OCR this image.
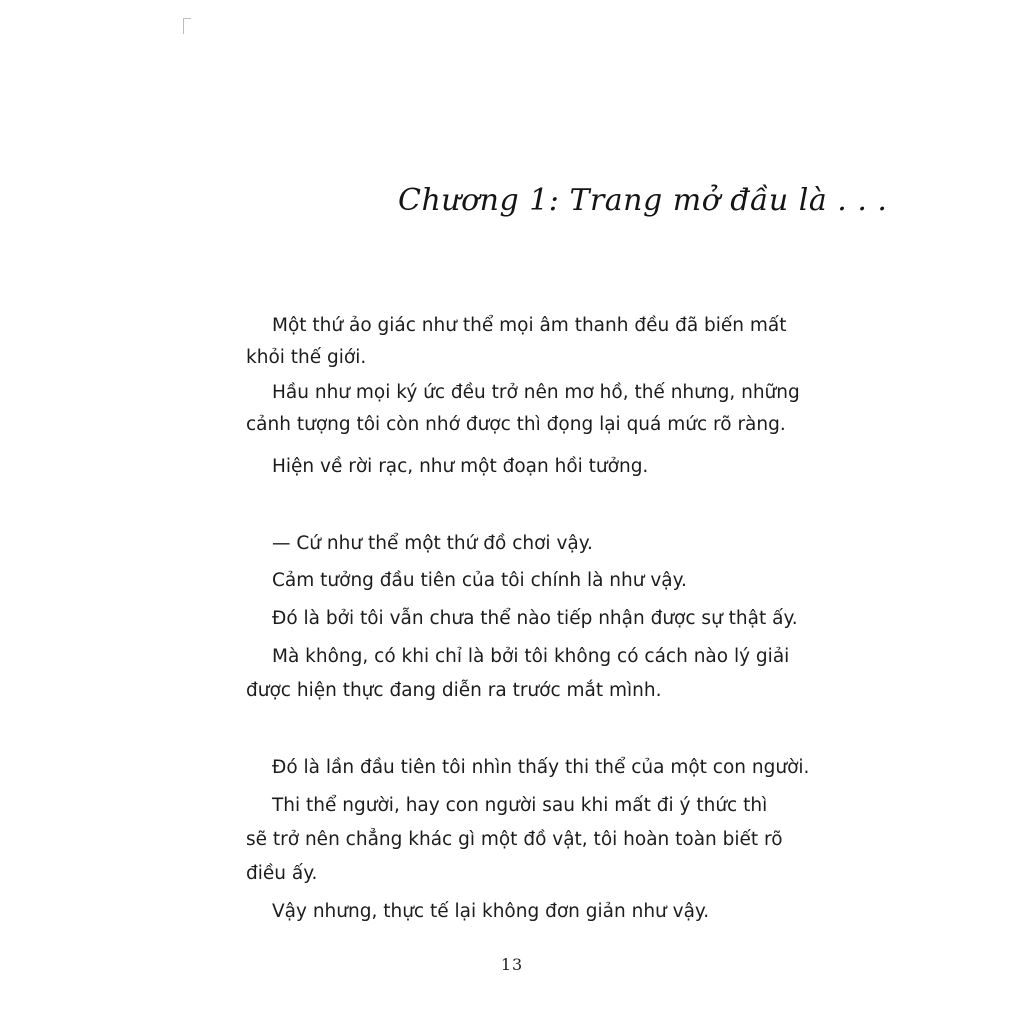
Chương 1: Trang mở đầu là . . .
Một thứ ảo giác như thể mọi âm thanh đều đã biến mất
khỏi thế giới.
Hầu như mọi ký ức đều trở nên mơ hồ, thế nhưng, những
cảnh tượng tôi còn nhớ được thì đọng lại quá mức rõ ràng.
Hiện về rời rạc, như một đoạn hồi tưởng.
— Cứ như thể một thứ đồ chơi vậy.
Cảm tưởng đầu tiên của tôi chính là như vậy.
Đó là bởi tôi vẫn chưa thể nào tiếp nhận được sự thật ấy.
Mà không, có khi chỉ là bởi tôi không có cách nào lý giải
được hiện thực đang diễn ra trước mắt mình.
Đó là lần đầu tiên tôi nhìn thấy thi thể của một con người.
Thi thể người, hay con người sau khi mất đi ý thức thì
sẽ trở nên chẳng khác gì một đồ vật, tôi hoàn toàn biết rõ
điều ấy.
Vậy nhưng, thực tế lại không đơn giản như vậy.
13
